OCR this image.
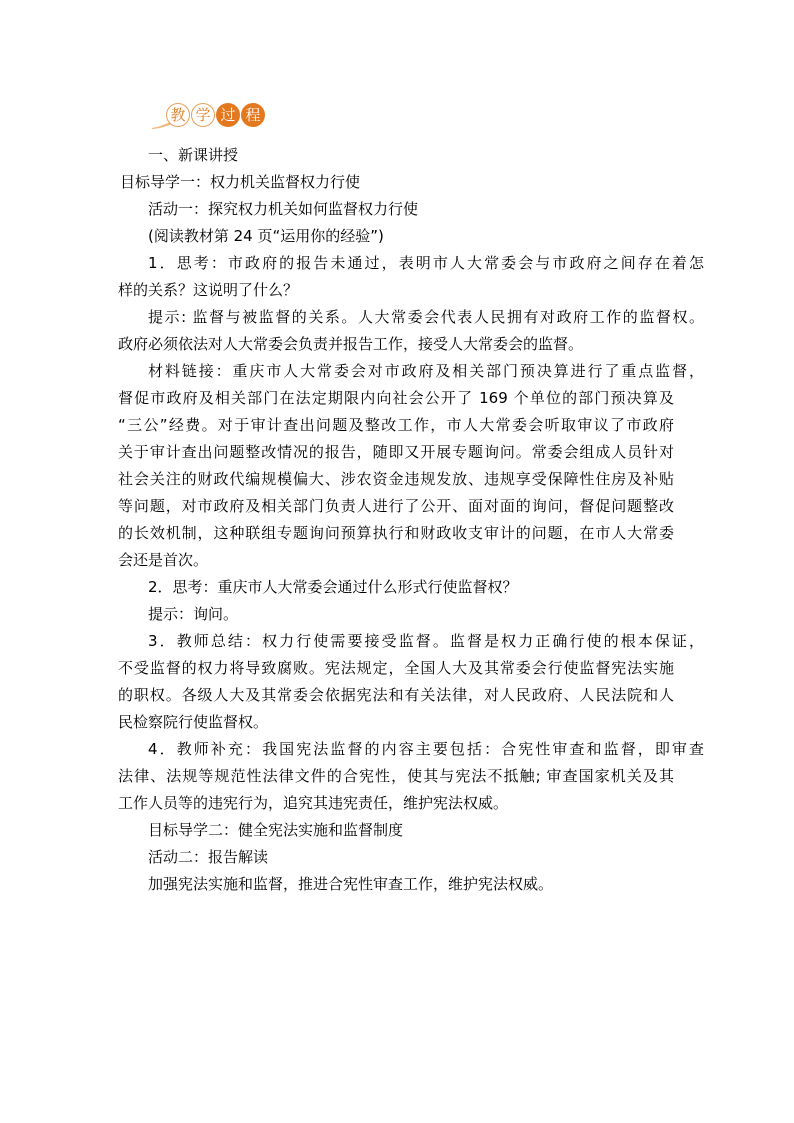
教 学 过 程
一、新课讲授
目标导学一：权力机关监督权力行使
活动一：探究权力机关如何监督权力行使
(阅读教材第 24 页“运用你的经验”)
1．思考：市政府的报告未通过，表明市人大常委会与市政府之间存在着怎
样的关系？这说明了什么？
提示: 监督与被监督的关系。人大常委会代表人民拥有对政府工作的监督权。
政府必须依法对人大常委会负责并报告工作，接受人大常委会的监督。
材料链接：重庆市人大常委会对市政府及相关部门预决算进行了重点监督，
督促市政府及相关部门在法定期限内向社会公开了 169 个单位的部门预决算及
“三公”经费。对于审计查出问题及整改工作，市人大常委会听取审议了市政府
关于审计查出问题整改情况的报告，随即又开展专题询问。常委会组成人员针对
社会关注的财政代编规模偏大、涉农资金违规发放、违规享受保障性住房及补贴
等问题，对市政府及相关部门负责人进行了公开、面对面的询问，督促问题整改
的长效机制，这种联组专题询问预算执行和财政收支审计的问题，在市人大常委
会还是首次。
2．思考：重庆市人大常委会通过什么形式行使监督权？
提示：询问。
3．教师总结：权力行使需要接受监督。监督是权力正确行使的根本保证，
不受监督的权力将导致腐败。宪法规定，全国人大及其常委会行使监督宪法实施
的职权。各级人大及其常委会依据宪法和有关法律，对人民政府、人民法院和人
民检察院行使监督权。
4．教师补充：我国宪法监督的内容主要包括：合宪性审查和监督，即审查
法律、法规等规范性法律文件的合宪性，使其与宪法不抵触; 审查国家机关及其
工作人员等的违宪行为，追究其违宪责任，维护宪法权威。
目标导学二：健全宪法实施和监督制度
活动二：报告解读
加强宪法实施和监督，推进合宪性审查工作，维护宪法权威。
